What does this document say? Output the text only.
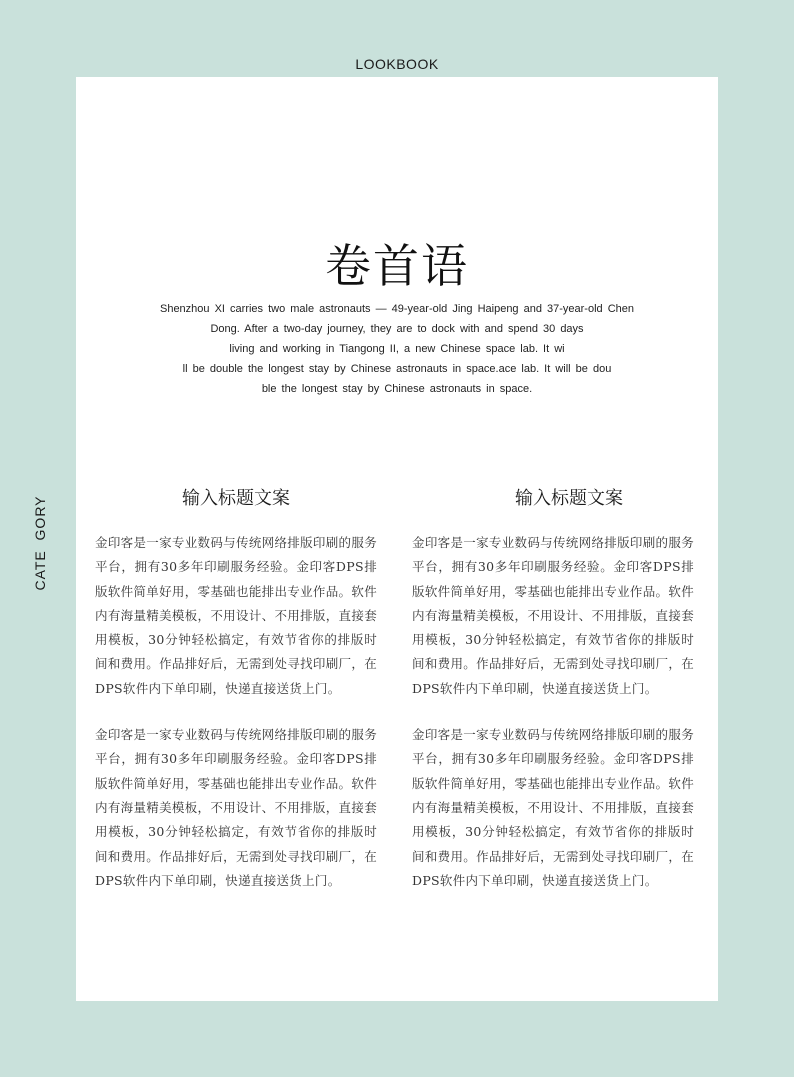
LOOKBOOK
CATE  GORY
卷首语
Shenzhou XI carries two male astronauts — 49-year-old Jing Haipeng and 37-year-old Chen
Dong. After a two-day journey, they are to dock with and spend 30 days
living and working in Tiangong II, a new Chinese space lab. It wi
ll be double the longest stay by Chinese astronauts in space.ace lab. It will be dou
ble the longest stay by Chinese astronauts in space.
输入标题文案
金印客是一家专业数码与传统网络排版印刷的服务平台，拥有30多年印刷服务经验。金印客DPS排版软件简单好用，零基础也能排出专业作品。软件内有海量精美模板，不用设计、不用排版，直接套用模板，30分钟轻松搞定，有效节省你的排版时间和费用。作品排好后，无需到处寻找印刷厂，在DPS软件内下单印刷，快递直接送货上门。
金印客是一家专业数码与传统网络排版印刷的服务平台，拥有30多年印刷服务经验。金印客DPS排版软件简单好用，零基础也能排出专业作品。软件内有海量精美模板，不用设计、不用排版，直接套用模板，30分钟轻松搞定，有效节省你的排版时间和费用。作品排好后，无需到处寻找印刷厂，在DPS软件内下单印刷，快递直接送货上门。
输入标题文案
金印客是一家专业数码与传统网络排版印刷的服务平台，拥有30多年印刷服务经验。金印客DPS排版软件简单好用，零基础也能排出专业作品。软件内有海量精美模板，不用设计、不用排版，直接套用模板，30分钟轻松搞定，有效节省你的排版时间和费用。作品排好后，无需到处寻找印刷厂，在DPS软件内下单印刷，快递直接送货上门。
金印客是一家专业数码与传统网络排版印刷的服务平台，拥有30多年印刷服务经验。金印客DPS排版软件简单好用，零基础也能排出专业作品。软件内有海量精美模板，不用设计、不用排版，直接套用模板，30分钟轻松搞定，有效节省你的排版时间和费用。作品排好后，无需到处寻找印刷厂，在DPS软件内下单印刷，快递直接送货上门。
